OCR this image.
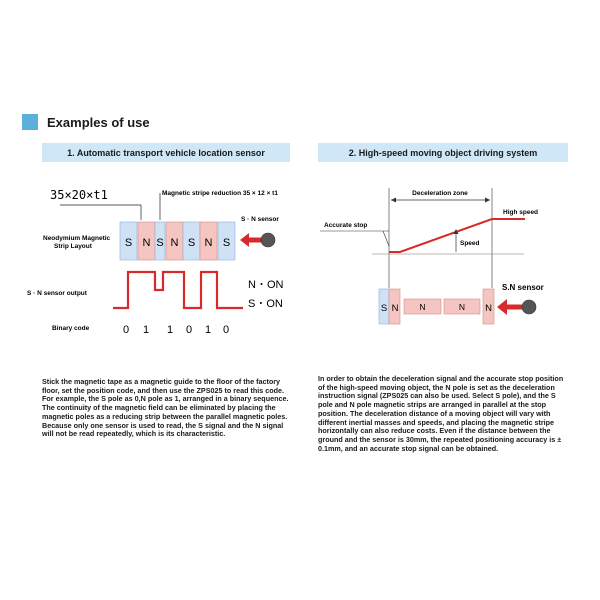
Examples of use
1. Automatic transport vehicle location sensor	2. High-speed moving object driving system
35×20×t1	Magnetic stripe reduction 35 × 12 × t1
S · N sensor
Neodymium Magnetic
Strip Layout	S N S N S N S
S · N sensor output
N・ON
S・ON
Binary code	0 1 1 0 1 0
Deceleration zone
High speed
Accurate stop
Speed
S.N sensor
S N N	N N
Stick the magnetic tape as a magnetic guide to the floor of the factory floor, set the position code, and then use the ZPS025 to read this code. For example, the S pole as 0,N pole as 1, arranged in a binary sequence. The continuity of the magnetic field can be eliminated by placing the magnetic poles as a reducing strip between the parallel magnetic poles. Because only one sensor is used to read, the S signal and the N signal will not be read repeatedly, which is its characteristic.
In order to obtain the deceleration signal and the accurate stop position of the high-speed moving object, the N pole is set as the deceleration instruction signal (ZPS025 can also be used. Select S pole), and the S pole and N pole magnetic strips are arranged in parallel at the stop position. The deceleration distance of a moving object will vary with different inertial masses and speeds, and placing the magnetic stripe horizontally can also reduce costs. Even if the distance between the ground and the sensor is 30mm, the repeated positioning accuracy is ± 0.1mm, and an accurate stop signal can be obtained.
